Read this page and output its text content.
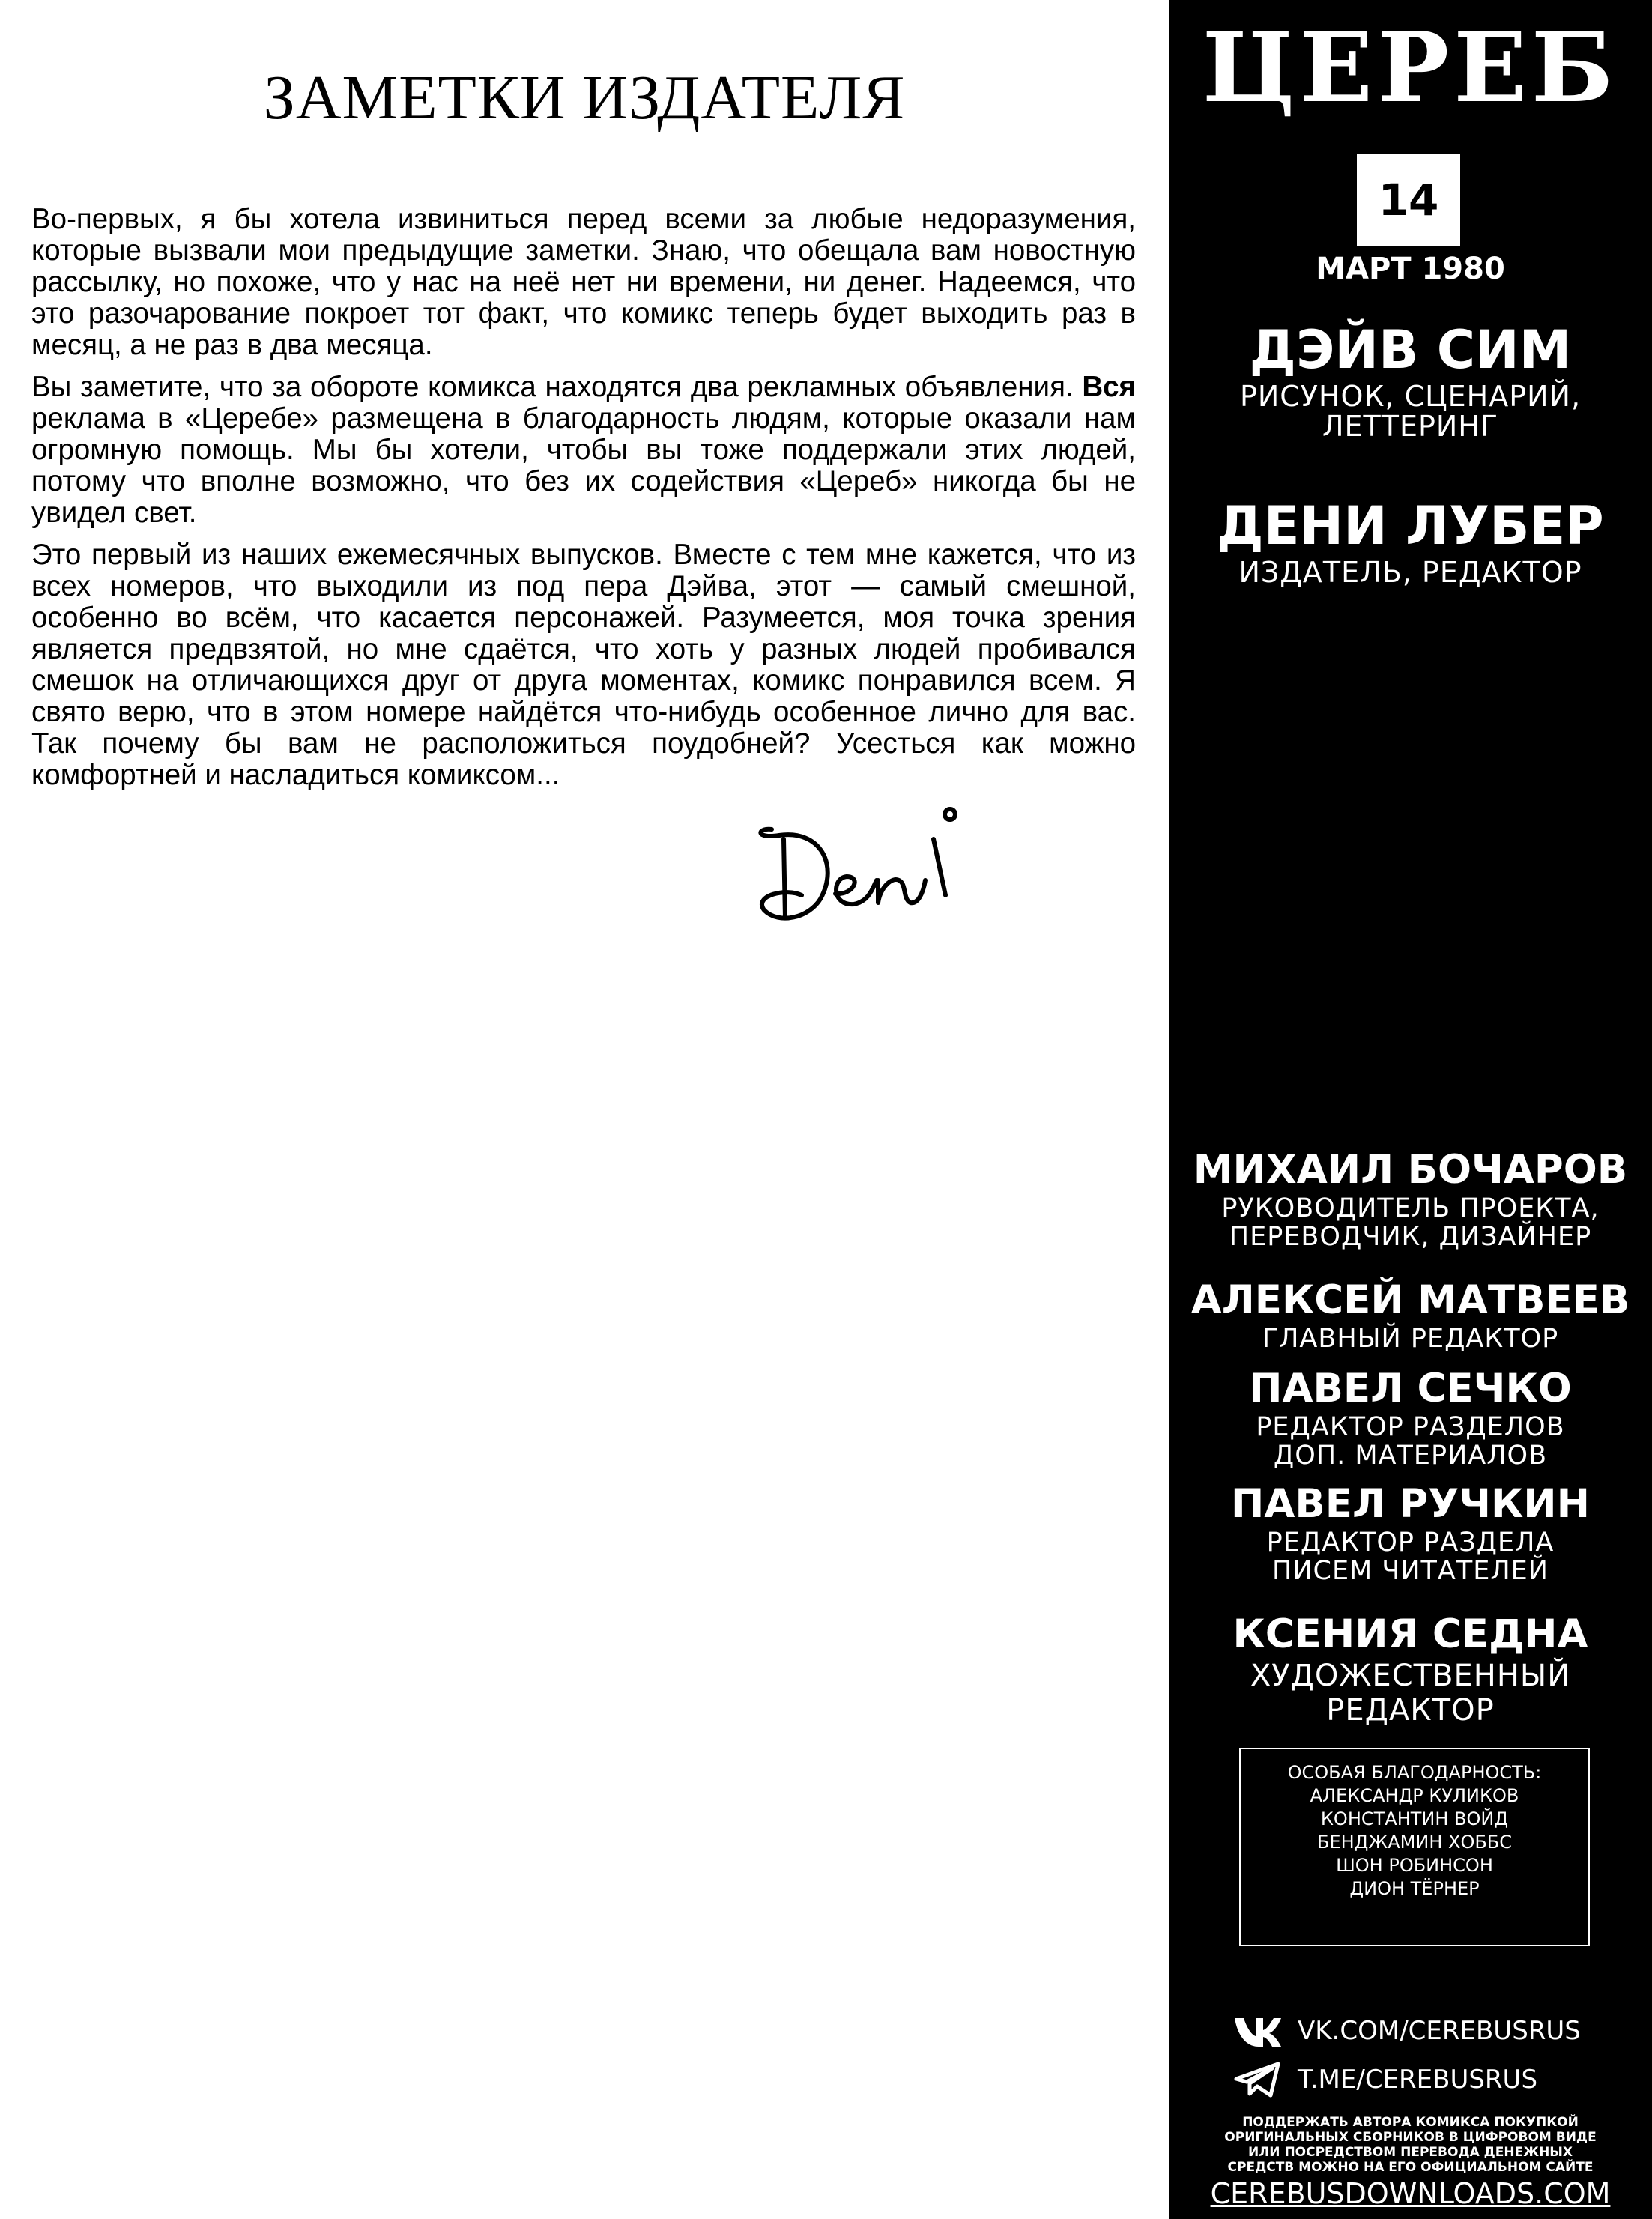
ЗАМЕТКИ ИЗДАТЕЛЯ

Во-первых, я бы хотела извиниться перед всеми за любые недоразумения, которые вызвали мои предыдущие заметки. Знаю, что обещала вам новостную рассылку, но похоже, что у нас на неё нет ни времени, ни денег. Надеемся, что это разочарование покроет тот факт, что комикс теперь будет выходить раз в месяц, а не раз в два месяца.

Вы заметите, что за обороте комикса находятся два рекламных объявления. Вся реклама в «Церебе» размещена в благодарность людям, которые оказали нам огромную помощь. Мы бы хотели, чтобы вы тоже поддержали этих людей, потому что вполне возможно, что без их содействия «Цереб» никогда бы не увидел свет.

Это первый из наших ежемесячных выпусков. Вместе с тем мне кажется, что из всех номеров, что выходили из под пера Дэйва, этот — самый смешной, особенно во всём, что касается персонажей. Разумеется, моя точка зрения является предвзятой, но мне сдаётся, что хоть у разных людей пробивался смешок на отличающихся друг от друга моментах, комикс понравился всем. Я свято верю, что в этом номере найдётся что-нибудь особенное лично для вас. Так почему бы вам не расположиться поудобней? Усесться как можно комфортней и насладиться комиксом...

ЦЕРЕБ
14
МАРТ 1980
ДЭЙВ СИМ
РИСУНОК, СЦЕНАРИЙ, ЛЕТТЕРИНГ
ДЕНИ ЛУБЕР
ИЗДАТЕЛЬ, РЕДАКТОР
МИХАИЛ БОЧАРОВ
РУКОВОДИТЕЛЬ ПРОЕКТА,
ПЕРЕВОДЧИК, ДИЗАЙНЕР
АЛЕКСЕЙ МАТВЕЕВ
ГЛАВНЫЙ РЕДАКТОР
ПАВЕЛ СЕЧКО
РЕДАКТОР РАЗДЕЛОВ
ДОП. МАТЕРИАЛОВ
ПАВЕЛ РУЧКИН
РЕДАКТОР РАЗДЕЛА
ПИСЕМ ЧИТАТЕЛЕЙ
КСЕНИЯ СЕДНА
ХУДОЖЕСТВЕННЫЙ
РЕДАКТОР
ОСОБАЯ БЛАГОДАРНОСТЬ:
АЛЕКСАНДР КУЛИКОВ
КОНСТАНТИН ВОЙД
БЕНДЖАМИН ХОББС
ШОН РОБИНСОН
ДИОН ТЁРНЕР
VK.COM/CEREBUSRUS
T.ME/CEREBUSRUS
ПОДДЕРЖАТЬ АВТОРА КОМИКСА ПОКУПКОЙ ОРИГИНАЛЬНЫХ СБОРНИКОВ В ЦИФРОВОМ ВИДЕ ИЛИ ПОСРЕДСТВОМ ПЕРЕВОДА ДЕНЕЖНЫХ СРЕДСТВ МОЖНО НА ЕГО ОФИЦИАЛЬНОМ САЙТЕ
CEREBUSDOWNLOADS.COM
